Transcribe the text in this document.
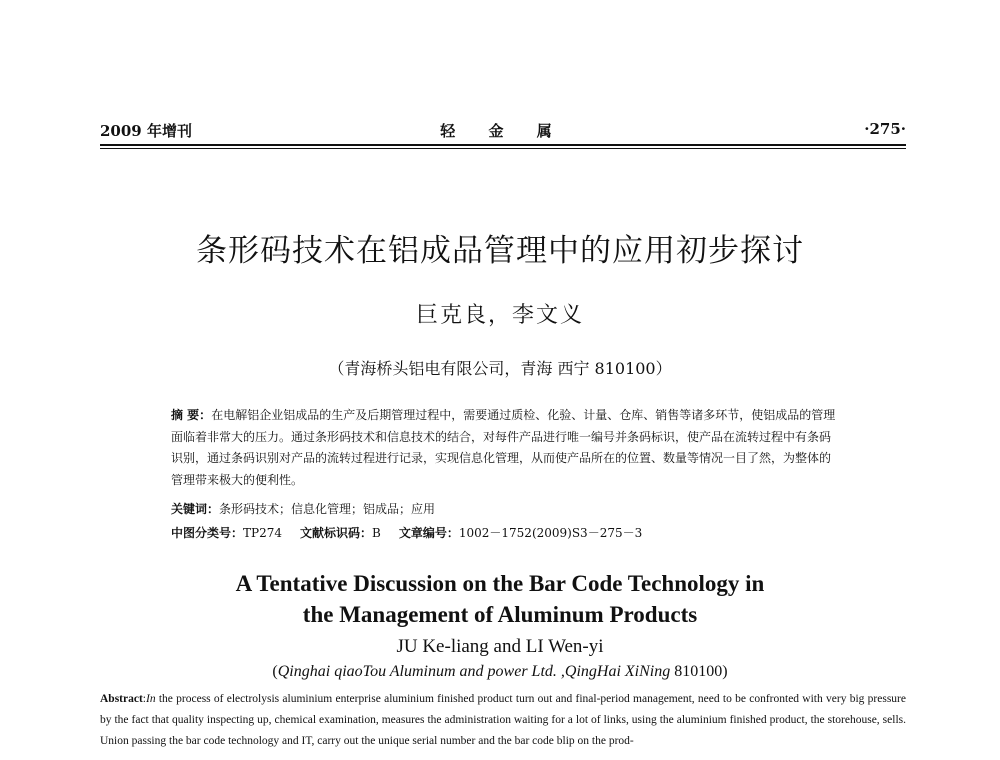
2009 年增刊	轻 金 属	·275·
条形码技术在铝成品管理中的应用初步探讨
巨克良，李文义
（青海桥头铝电有限公司，青海 西宁 810100）
摘 要：在电解铝企业铝成品的生产及后期管理过程中，需要通过质检、化验、计量、仓库、销售等诸多环节，使铝成品的管理面临着非常大的压力。通过条形码技术和信息技术的结合，对每件产品进行唯一编号并条码标识，使产品在流转过程中有条码识别，通过条码识别对产品的流转过程进行记录，实现信息化管理，从而使产品所在的位置、数量等情况一目了然，为整体的管理带来极大的便利性。
关键词：条形码技术；信息化管理；铝成品；应用
中图分类号：TP274 文献标识码：B 文章编号：1002－1752(2009)S3－275－3
A Tentative Discussion on the Bar Code Technology in
the Management of Aluminum Products
JU Ke-liang and LI Wen-yi
(Qinghai qiaoTou Aluminum and power Ltd. ,QingHai XiNing 810100)
Abstract:In the process of electrolysis aluminium enterprise aluminium finished product turn out and final-period management, need to be confronted with very big pressure by the fact that quality inspecting up, chemical examination, measures the administration waiting for a lot of links, using the aluminium finished product, the storehouse, sells. Union passing the bar code technology and IT, carry out the unique serial number and the bar code blip on the prod-
